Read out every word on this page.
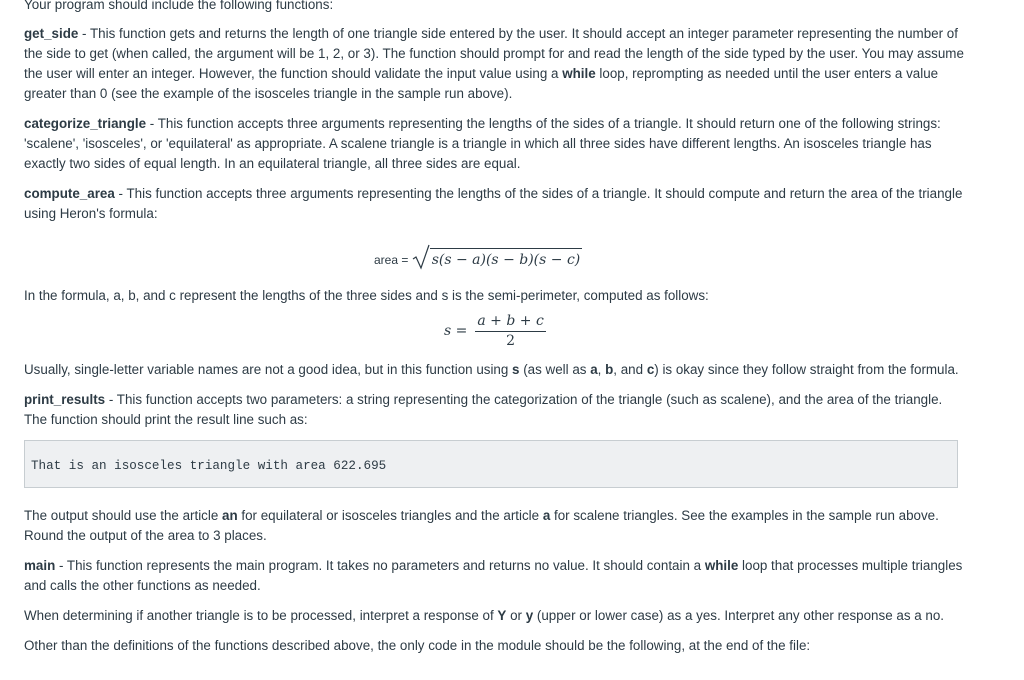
Your program should include the following functions:

get_side - This function gets and returns the length of one triangle side entered by the user. It should accept an integer parameter representing the number of the side to get (when called, the argument will be 1, 2, or 3). The function should prompt for and read the length of the side typed by the user. You may assume the user will enter an integer. However, the function should validate the input value using a while loop, reprompting as needed until the user enters a value greater than 0 (see the example of the isosceles triangle in the sample run above).

categorize_triangle - This function accepts three arguments representing the lengths of the sides of a triangle. It should return one of the following strings: 'scalene', 'isosceles', or 'equilateral' as appropriate. A scalene triangle is a triangle in which all three sides have different lengths. An isosceles triangle has exactly two sides of equal length. In an equilateral triangle, all three sides are equal.

compute_area - This function accepts three arguments representing the lengths of the sides of a triangle. It should compute and return the area of the triangle using Heron's formula:

area =
s(s − a)(s − b)(s − c)

In the formula, a, b, and c represent the lengths of the three sides and s is the semi-perimeter, computed as follows:

$s = \frac{a + b + c}{2}$

Usually, single-letter variable names are not a good idea, but in this function using s (as well as a, b, and c) is okay since they follow straight from the formula.

print_results - This function accepts two parameters: a string representing the categorization of the triangle (such as scalene), and the area of the triangle. The function should print the result line such as:

That is an isosceles triangle with area 622.695

The output should use the article an for equilateral or isosceles triangles and the article a for scalene triangles. See the examples in the sample run above. Round the output of the area to 3 places.

main - This function represents the main program. It takes no parameters and returns no value. It should contain a while loop that processes multiple triangles and calls the other functions as needed.

When determining if another triangle is to be processed, interpret a response of Y or y (upper or lower case) as a yes. Interpret any other response as a no.

Other than the definitions of the functions described above, the only code in the module should be the following, at the end of the file:
